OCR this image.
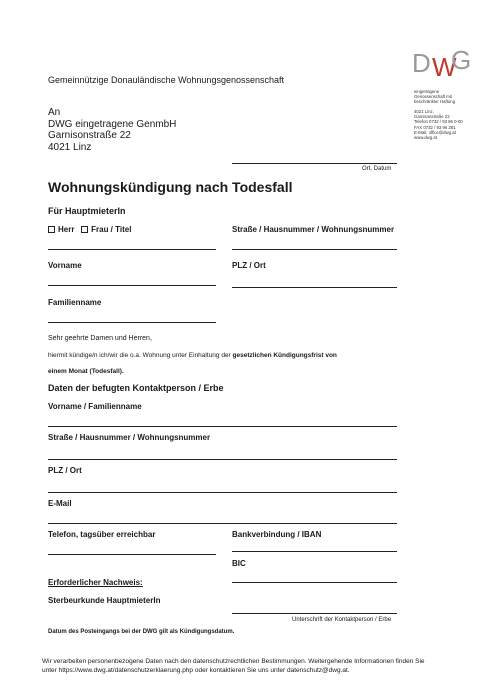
Gemeinnützige Donauländische Wohnungsgenossenschaft
D W
G
eingetragene
Genossenschaft mit
beschränkter Haftung
4021 Linz,
Garnisonstraße 22
Telefon 0732 / 93 96 0-00
FAX 0732 / 93 96 281
E-Mail: office@dwg.at
www.dwg.at
An
DWG eingetragene GenmbH
Garnisonstraße 22
4021 Linz
Ort, Datum
Wohnungskündigung nach Todesfall
Für HauptmieterIn
Herr Frau / Titel	Straße / Hausnummer / Wohnungsnummer
Vorname	PLZ / Ort
Familienname
Sehr geehrte Damen und Herren,
hiermit kündige/n ich/wir die o.a. Wohnung unter Einhaltung der gesetzlichen Kündigungsfrist von
einem Monat (Todesfall).
Daten der befugten Kontaktperson / Erbe
Vorname / Familienname
Straße / Hausnummer / Wohnungsnummer
PLZ / Ort
E-Mail
Telefon, tagsüber erreichbar	Bankverbindung / IBAN
BIC
Erforderlicher Nachweis:
Sterbeurkunde HauptmieterIn
Unterschrift der Kontaktperson / Erbe
Datum des Posteingangs bei der DWG gilt als Kündigungsdatum.
Wir verarbeiten personenbezogene Daten nach den datenschutzrechtlichen Bestimmungen. Weitergehende Informationen finden Sie
unter https://www.dwg.at/datenschutzerklaerung.php oder kontaktieren Sie uns unter datenschutz@dwg.at.
